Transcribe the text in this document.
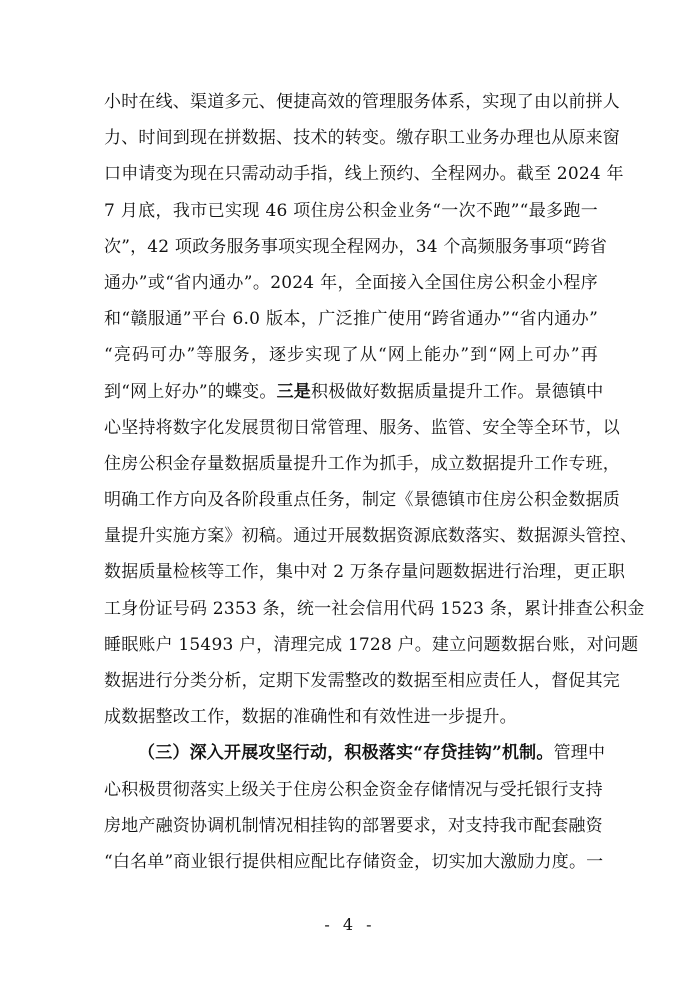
小时在线、渠道多元、便捷高效的管理服务体系，实现了由以前拼人
力、时间到现在拼数据、技术的转变。缴存职工业务办理也从原来窗
口申请变为现在只需动动手指，线上预约、全程网办。截至 2024 年
7 月底，我市已实现 46 项住房公积金业务“一次不跑”“最多跑一
次”，42 项政务服务事项实现全程网办，34 个高频服务事项“跨省
通办”或“省内通办”。2024 年，全面接入全国住房公积金小程序
和“赣服通”平台 6.0 版本，广泛推广使用“跨省通办”“省内通办”
“亮码可办”等服务，逐步实现了从“网上能办”到“网上可办”再
到“网上好办”的蝶变。三是积极做好数据质量提升工作。景德镇中
心坚持将数字化发展贯彻日常管理、服务、监管、安全等全环节，以
住房公积金存量数据质量提升工作为抓手，成立数据提升工作专班，
明确工作方向及各阶段重点任务，制定《景德镇市住房公积金数据质
量提升实施方案》初稿。通过开展数据资源底数落实、数据源头管控、
数据质量检核等工作，集中对 2 万条存量问题数据进行治理，更正职
工身份证号码 2353 条，统一社会信用代码 1523 条，累计排查公积金
睡眠账户 15493 户，清理完成 1728 户。建立问题数据台账，对问题
数据进行分类分析，定期下发需整改的数据至相应责任人，督促其完
成数据整改工作，数据的准确性和有效性进一步提升。
（三）深入开展攻坚行动，积极落实“存贷挂钩”机制。管理中
心积极贯彻落实上级关于住房公积金资金存储情况与受托银行支持
房地产融资协调机制情况相挂钩的部署要求，对支持我市配套融资
“白名单”商业银行提供相应配比存储资金，切实加大激励力度。一
- 4 -
